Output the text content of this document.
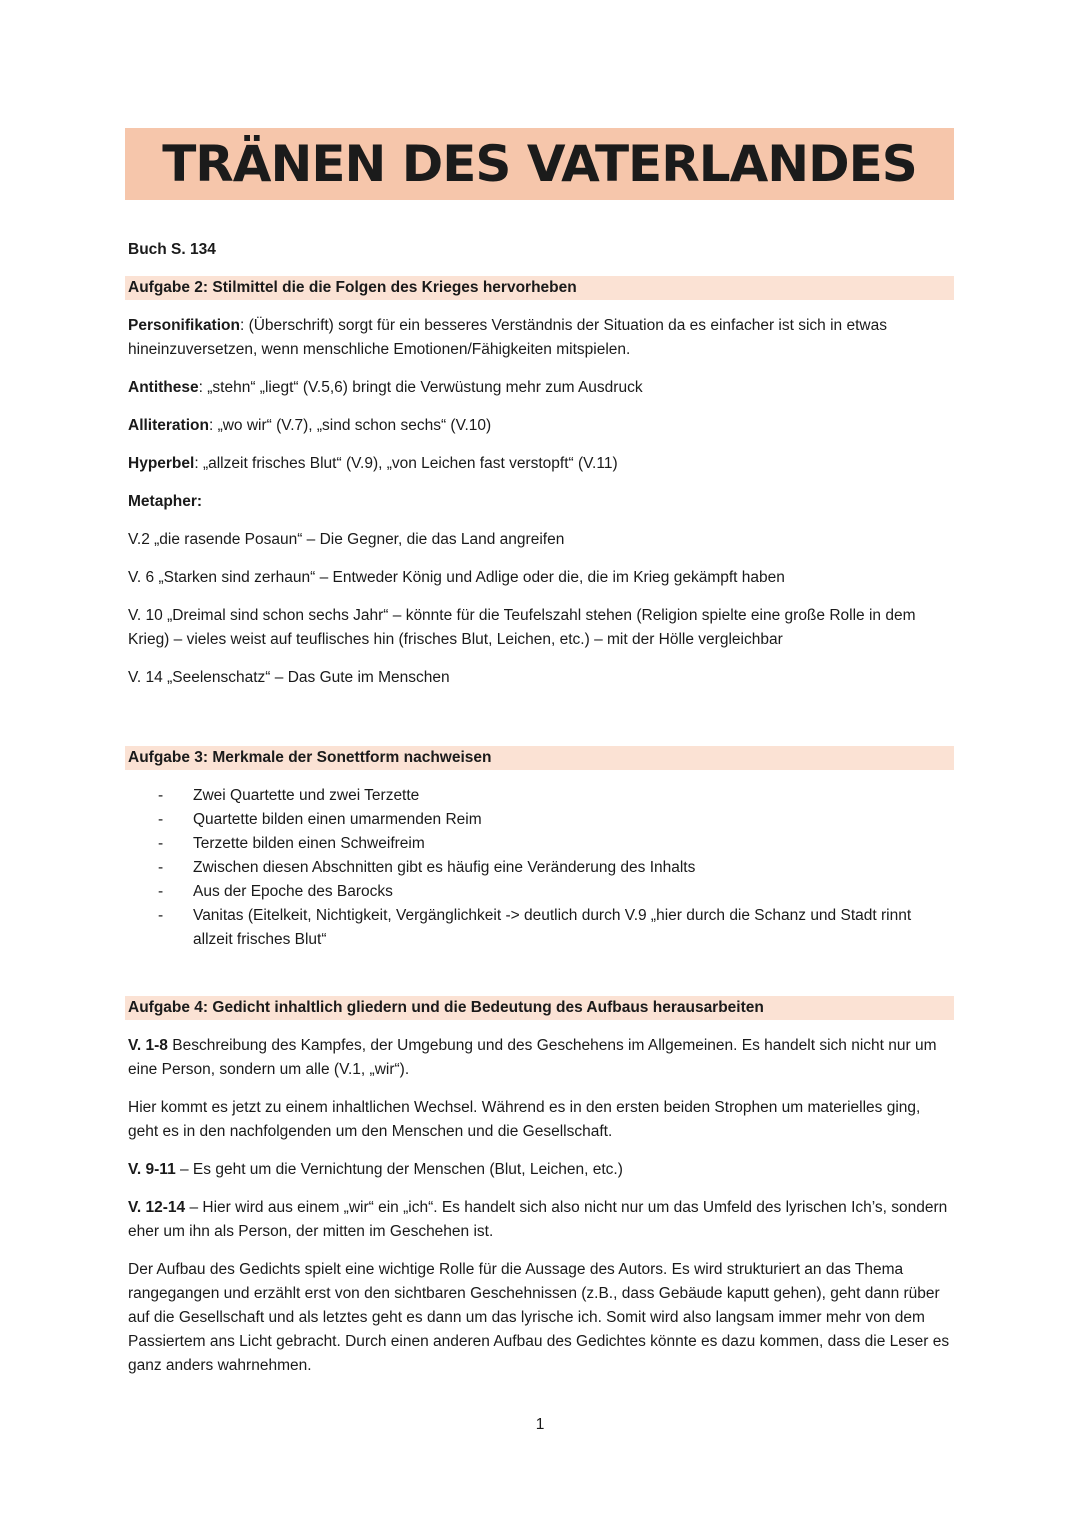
TRÄNEN DES VATERLANDES
Buch S. 134
Aufgabe 2: Stilmittel die die Folgen des Krieges hervorheben

Personifikation: (Überschrift) sorgt für ein besseres Verständnis der Situation da es einfacher ist sich in etwas hineinzuversetzen, wenn menschliche Emotionen/Fähigkeiten mitspielen.

Antithese: „stehn“ „liegt“ (V.5,6) bringt die Verwüstung mehr zum Ausdruck

Alliteration: „wo wir“ (V.7), „sind schon sechs“ (V.10)

Hyperbel: „allzeit frisches Blut“ (V.9), „von Leichen fast verstopft“ (V.11)

Metapher:

V.2 „die rasende Posaun“ – Die Gegner, die das Land angreifen

V. 6 „Starken sind zerhaun“ – Entweder König und Adlige oder die, die im Krieg gekämpft haben

V. 10 „Dreimal sind schon sechs Jahr“ – könnte für die Teufelszahl stehen (Religion spielte eine große Rolle in dem Krieg) – vieles weist auf teuflisches hin (frisches Blut, Leichen, etc.) – mit der Hölle vergleichbar

V. 14 „Seelenschatz“ – Das Gute im Menschen

Aufgabe 3: Merkmale der Sonettform nachweisen
- Zwei Quartette und zwei Terzette
- Quartette bilden einen umarmenden Reim
- Terzette bilden einen Schweifreim
- Zwischen diesen Abschnitten gibt es häufig eine Veränderung des Inhalts
- Aus der Epoche des Barocks
- Vanitas (Eitelkeit, Nichtigkeit, Vergänglichkeit -> deutlich durch V.9 „hier durch die Schanz und Stadt rinnt allzeit frisches Blut“
Aufgabe 4: Gedicht inhaltlich gliedern und die Bedeutung des Aufbaus herausarbeiten

V. 1-8 Beschreibung des Kampfes, der Umgebung und des Geschehens im Allgemeinen. Es handelt sich nicht nur um eine Person, sondern um alle (V.1, „wir“).

Hier kommt es jetzt zu einem inhaltlichen Wechsel. Während es in den ersten beiden Strophen um materielles ging, geht es in den nachfolgenden um den Menschen und die Gesellschaft.

V. 9-11 – Es geht um die Vernichtung der Menschen (Blut, Leichen, etc.)

V. 12-14 – Hier wird aus einem „wir“ ein „ich“. Es handelt sich also nicht nur um das Umfeld des lyrischen Ich’s, sondern eher um ihn als Person, der mitten im Geschehen ist.

Der Aufbau des Gedichts spielt eine wichtige Rolle für die Aussage des Autors. Es wird strukturiert an das Thema rangegangen und erzählt erst von den sichtbaren Geschehnissen (z.B., dass Gebäude kaputt gehen), geht dann rüber auf die Gesellschaft und als letztes geht es dann um das lyrische ich. Somit wird also langsam immer mehr von dem Passiertem ans Licht gebracht. Durch einen anderen Aufbau des Gedichtes könnte es dazu kommen, dass die Leser es ganz anders wahrnehmen.

1
